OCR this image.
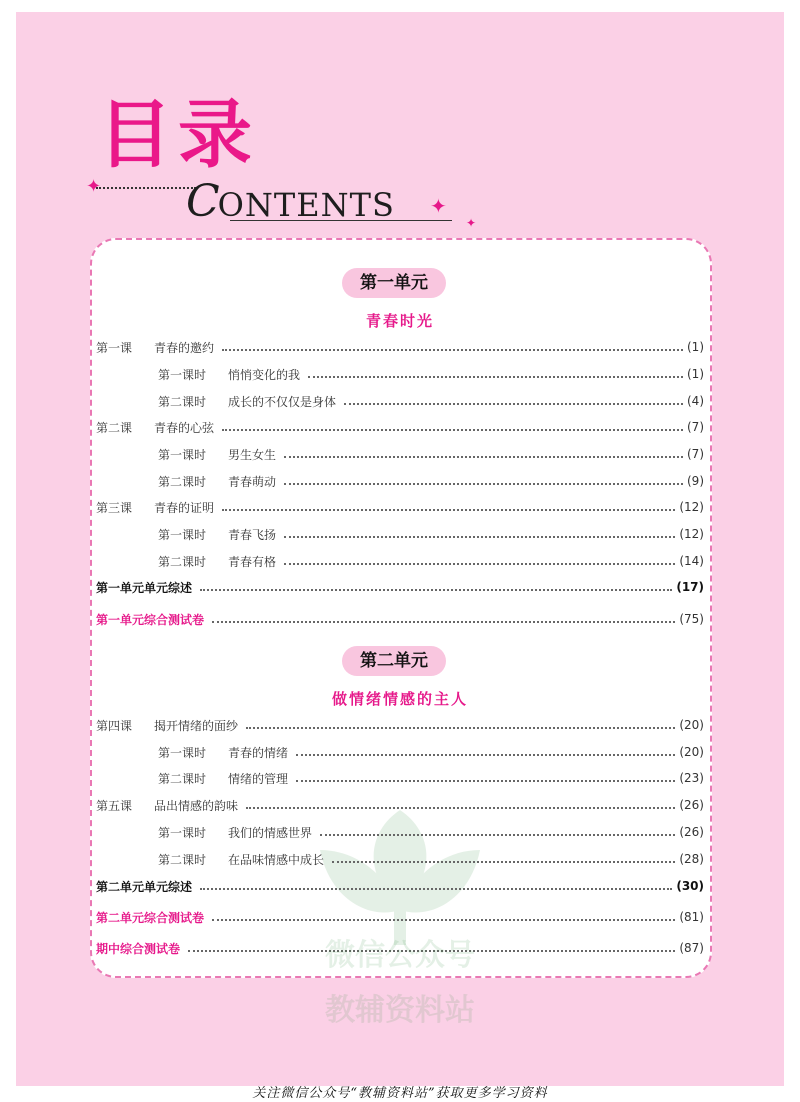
目录
✦ CONTENTS ✦
✦
第一单元
青春时光
第一课	青春的邀约	(1)
第一课时	悄悄变化的我	(1)
第二课时	成长的不仅仅是身体	(4)
第二课	青春的心弦	(7)
第一课时	男生女生	(7)
第二课时	青春萌动	(9)
第三课	青春的证明	(12)
第一课时	青春飞扬	(12)
第二课时	青春有格	(14)
第一单元单元综述	(17)
第一单元综合测试卷	(75)
第二单元
做情绪情感的主人
第四课	揭开情绪的面纱	(20)
第一课时	青春的情绪	(20)
第二课时	情绪的管理	(23)
第五课	品出情感的韵味	(26)
第一课时	我们的情感世界	(26)
第二课时	在品味情感中成长	(28)
第二单元单元综述	(30)
第二单元综合测试卷	(81)
期中综合测试卷	(87)
微信公众号
教辅资料站
关注微信公众号“教辅资料站”获取更多学习资料
